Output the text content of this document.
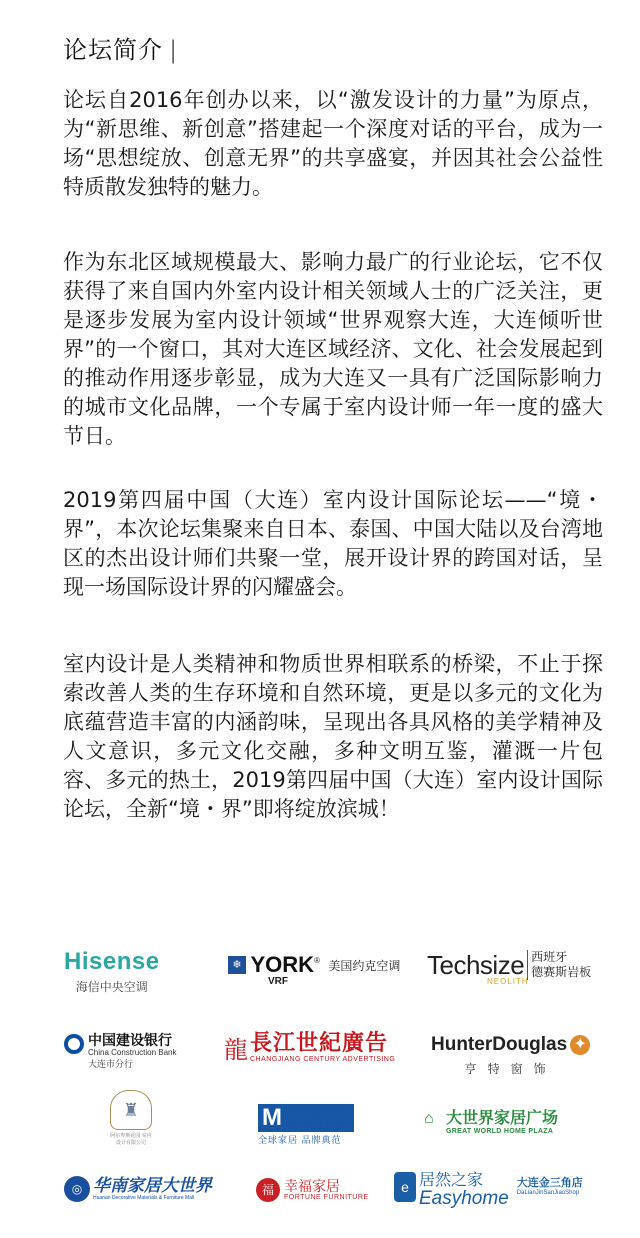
论坛简介 |

论坛自2016年创办以来，以“激发设计的力量”为原点，为“新思维、新创意”搭建起一个深度对话的平台，成为一场“思想绽放、创意无界”的共享盛宴，并因其社会公益性特质散发独特的魅力。

作为东北区域规模最大、影响力最广的行业论坛，它不仅获得了来自国内外室内设计相关领域人士的广泛关注，更是逐步发展为室内设计领域“世界观察大连，大连倾听世界”的一个窗口，其对大连区域经济、文化、社会发展起到的推动作用逐步彰显，成为大连又一具有广泛国际影响力的城市文化品牌，一个专属于室内设计师一年一度的盛大节日。

2019第四届中国（大连）室内设计国际论坛——“境・界”，本次论坛集聚来自日本、泰国、中国大陆以及台湾地区的杰出设计师们共聚一堂，展开设计界的跨国对话，呈现一场国际设计界的闪耀盛会。

室内设计是人类精神和物质世界相联系的桥梁，不止于探索改善人类的生存环境和自然环境，更是以多元的文化为底蕴营造丰富的内涵韵味，呈现出各具风格的美学精神及人文意识，多元文化交融，多种文明互鉴，灌溉一片包容、多元的热土，2019第四届中国（大连）室内设计国际论坛，全新“境・界”即将绽放滨城！

Hisense
海信中央空调
❄ YORK® 美国约克空调
VRF
Techsize 西班牙
德赛斯岩板
NEOLITH
中国建设银行
China Construction Bank
大连市分行	龍 長江世紀廣告
CHANGJIANG CENTURY ADVERTISING
HunterDouglas ✦
亨特窗饰
♜
阿尔卑斯花园 室内设计有限公司
M 红星·美凯龙
MACALLINE
全球家居 品牌典范
⌂ 大世界家居广场
GREAT WORLD HOME PLAZA
◎ 华南家居大世界
Huanan Decorative Materials & Furniture Mall
福 幸福家居
FORTUNE FURNITURE
e 居然之家
Easyhome
大连金三角店
DaLianJinSanJiaoShop
